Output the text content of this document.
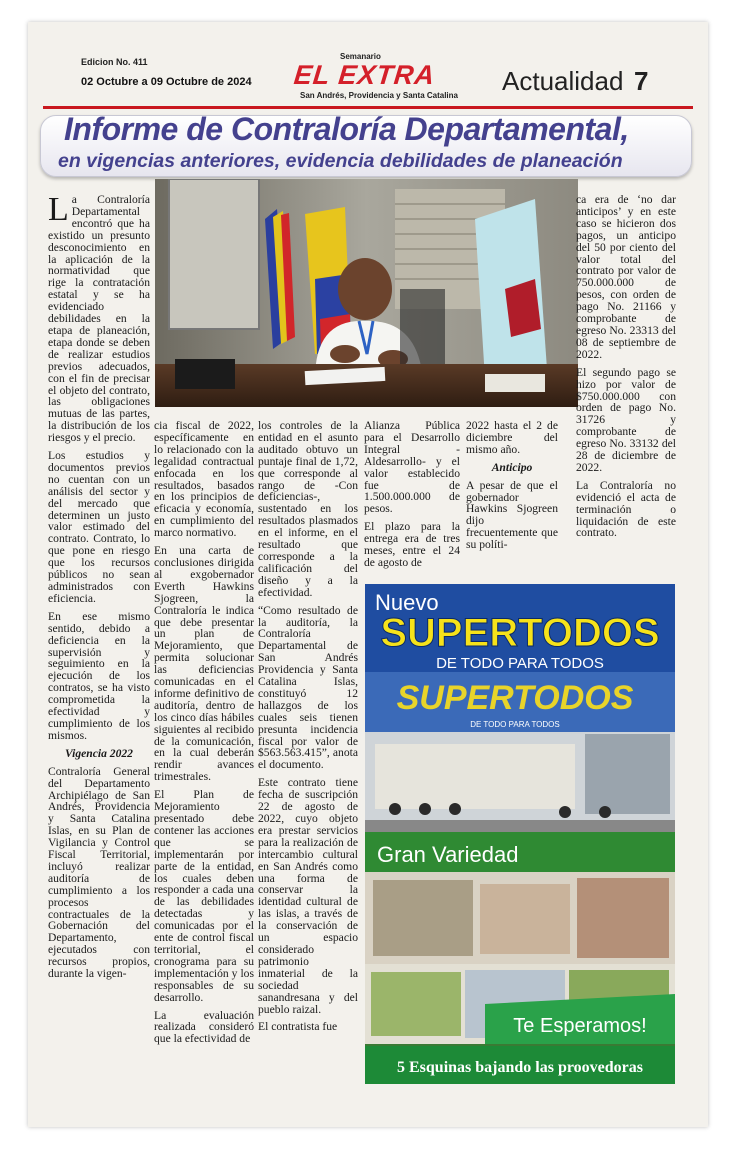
Edicion No. 411
02 Octubre a 09 Octubre de 2024
Semanario
EL EXTRA
San Andrés, Providencia y Santa Catalina Actualidad 7
Informe de Contraloría Departamental,
en vigencias anteriores, evidencia debilidades de planeación

La Contraloría Departamental encontró que ha existido un presunto desconocimiento en la aplicación de la normatividad que rige la contratación estatal y se ha evidenciado debilidades en la etapa de planeación, etapa donde se deben de realizar estudios previos adecuados, con el fin de precisar el objeto del contrato, las obligaciones mutuas de las partes, la distribución de los riesgos y el precio.

Los estudios y documentos previos no cuentan con un análisis del sector y del mercado que determinen un justo valor estimado del contrato. Contrato, lo que pone en riesgo que los recursos públicos no sean administrados con eficiencia.

En ese mismo sentido, debido a deficiencia en la supervisión y seguimiento en la ejecución de los contratos, se ha visto comprometida la efectividad y cumplimiento de los mismos.

Vigencia 2022

Contraloría General del Departamento Archipiélago de San Andrés, Providencia y Santa Catalina Islas, en su Plan de Vigilancia y Control Fiscal Territorial, incluyó realizar auditoría de cumplimiento a los procesos contractuales de la Gobernación del Departamento, ejecutados con recursos propios, durante la vigen-

cia fiscal de 2022, específicamente en lo relacionado con la legalidad contractual enfocada en los resultados, basados en los principios de eficacia y economía, en cumplimiento del marco normativo.

En una carta de conclusiones dirigida al exgobernador Everth Hawkins Sjogreen, la Contraloría le indica que debe presentar un plan de Mejoramiento, que permita solucionar las deficiencias comunicadas en el informe definitivo de auditoría, dentro de los cinco días hábiles siguientes al recibido de la comunicación, en la cual deberán rendir avances trimestrales.

El Plan de Mejoramiento presentado debe contener las acciones que se implementarán por parte de la entidad, los cuales deben responder a cada una de las debilidades detectadas y comunicadas por el ente de control fiscal territorial, el cronograma para su implementación y los responsables de su desarrollo.

La evaluación realizada consideró que la efectividad de

los controles de la entidad en el asunto auditado obtuvo un puntaje final de 1,72, que corresponde al rango de -Con deficiencias-, sustentado en los resultados plasmados en el informe, en el resultado que corresponde a la calificación del diseño y a la efectividad.

“Como resultado de la auditoría, la Contraloría Departamental de San Andrés Providencia y Santa Catalina Islas, constituyó 12 hallazgos de los cuales seis tienen presunta incidencia fiscal por valor de $563.563.415”, anota el documento.

Este contrato tiene fecha de suscripción 22 de agosto de 2022, cuyo objeto era prestar servicios para la realización de intercambio cultural en San Andrés como una forma de conservar la identidad cultural de las islas, a través de la conservación de un espacio considerado patrimonio inmaterial de la sociedad sanandresana y del pueblo raizal.

El contratista fue

Alianza Pública para el Desarrollo Integral -Aldesarrollo- y el valor establecido fue de 1.500.000.000 de pesos.

El plazo para la entrega era de tres meses, entre el 24 de agosto de

2022 hasta el 2 de diciembre del mismo año.

Anticipo

A pesar de que el gobernador Hawkins Sjogreen dijo frecuentemente que su políti-

ca era de ‘no dar anticipos’ y en este caso se hicieron dos pagos, un anticipo del 50 por ciento del valor total del contrato por valor de 750.000.000 de pesos, con orden de pago No. 21166 y comprobante de egreso No. 23313 del 08 de septiembre de 2022.

El segundo pago se hizo por valor de $750.000.000 con orden de pago No. 31726 y comprobante de egreso No. 33132 del 28 de diciembre de 2022.

La Contraloría no evidenció el acta de terminación o liquidación de este contrato.

Nuevo
SUPERTODOS
DE TODO PARA TODOS
SUPERTODOS
DE TODO PARA TODOS
Gran Variedad
Te Esperamos!
5 Esquinas bajando las proovedoras
